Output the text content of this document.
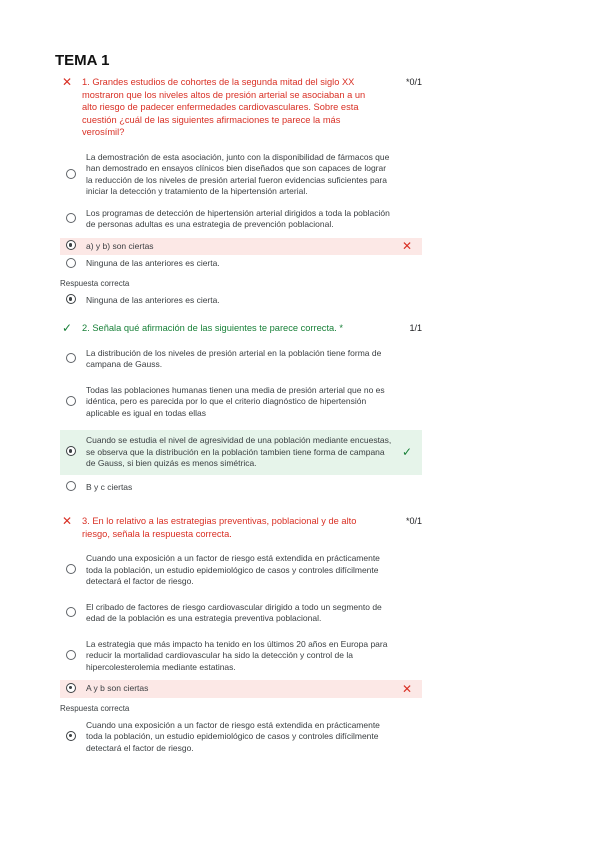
TEMA 1
✕ 1. Grandes estudios de cohortes de la segunda mitad del siglo XX mostraron que los niveles altos de presión arterial se asociaban a un alto riesgo de padecer enfermedades cardiovasculares. Sobre esta cuestión ¿cuál de las siguientes afirmaciones te parece la más verosímil?
*0/1
La demostración de esta asociación, junto con la disponibilidad de fármacos que han demostrado en ensayos clínicos bien diseñados que son capaces de lograr la reducción de los niveles de presión arterial fueron evidencias suficientes para iniciar la detección y tratamiento de la hipertensión arterial.
Los programas de detección de hipertensión arterial dirigidos a toda la población de personas adultas es una estrategia de prevención poblacional.
a) y b) son ciertas	✕
Ninguna de las anteriores es cierta.
Respuesta correcta
Ninguna de las anteriores es cierta.
✓ 2. Señala qué afirmación de las siguientes te parece correcta. *	1/1
La distribución de los niveles de presión arterial en la población tiene forma de campana de Gauss.
Todas las poblaciones humanas tienen una media de presión arterial que no es idéntica, pero es parecida por lo que el criterio diagnóstico de hipertensión aplicable es igual en todas ellas
Cuando se estudia el nivel de agresividad de una población mediante encuestas, se observa que la distribución en la población tambien tiene forma de campana de Gauss, si bien quizás es menos simétrica.
✓
B y c ciertas
✕ 3. En lo relativo a las estrategias preventivas, poblacional y de alto riesgo, señala la respuesta correcta.
*0/1
Cuando una exposición a un factor de riesgo está extendida en prácticamente toda la población, un estudio epidemiológico de casos y controles difícilmente detectará el factor de riesgo.
El cribado de factores de riesgo cardiovascular dirigido a todo un segmento de edad de la población es una estrategia preventiva poblacional.
La estrategia que más impacto ha tenido en los últimos 20 años en Europa para reducir la mortalidad cardiovascular ha sido la detección y control de la hipercolesterolemia mediante estatinas.
A y b son ciertas	✕
Respuesta correcta
Cuando una exposición a un factor de riesgo está extendida en prácticamente toda la población, un estudio epidemiológico de casos y controles difícilmente detectará el factor de riesgo.
